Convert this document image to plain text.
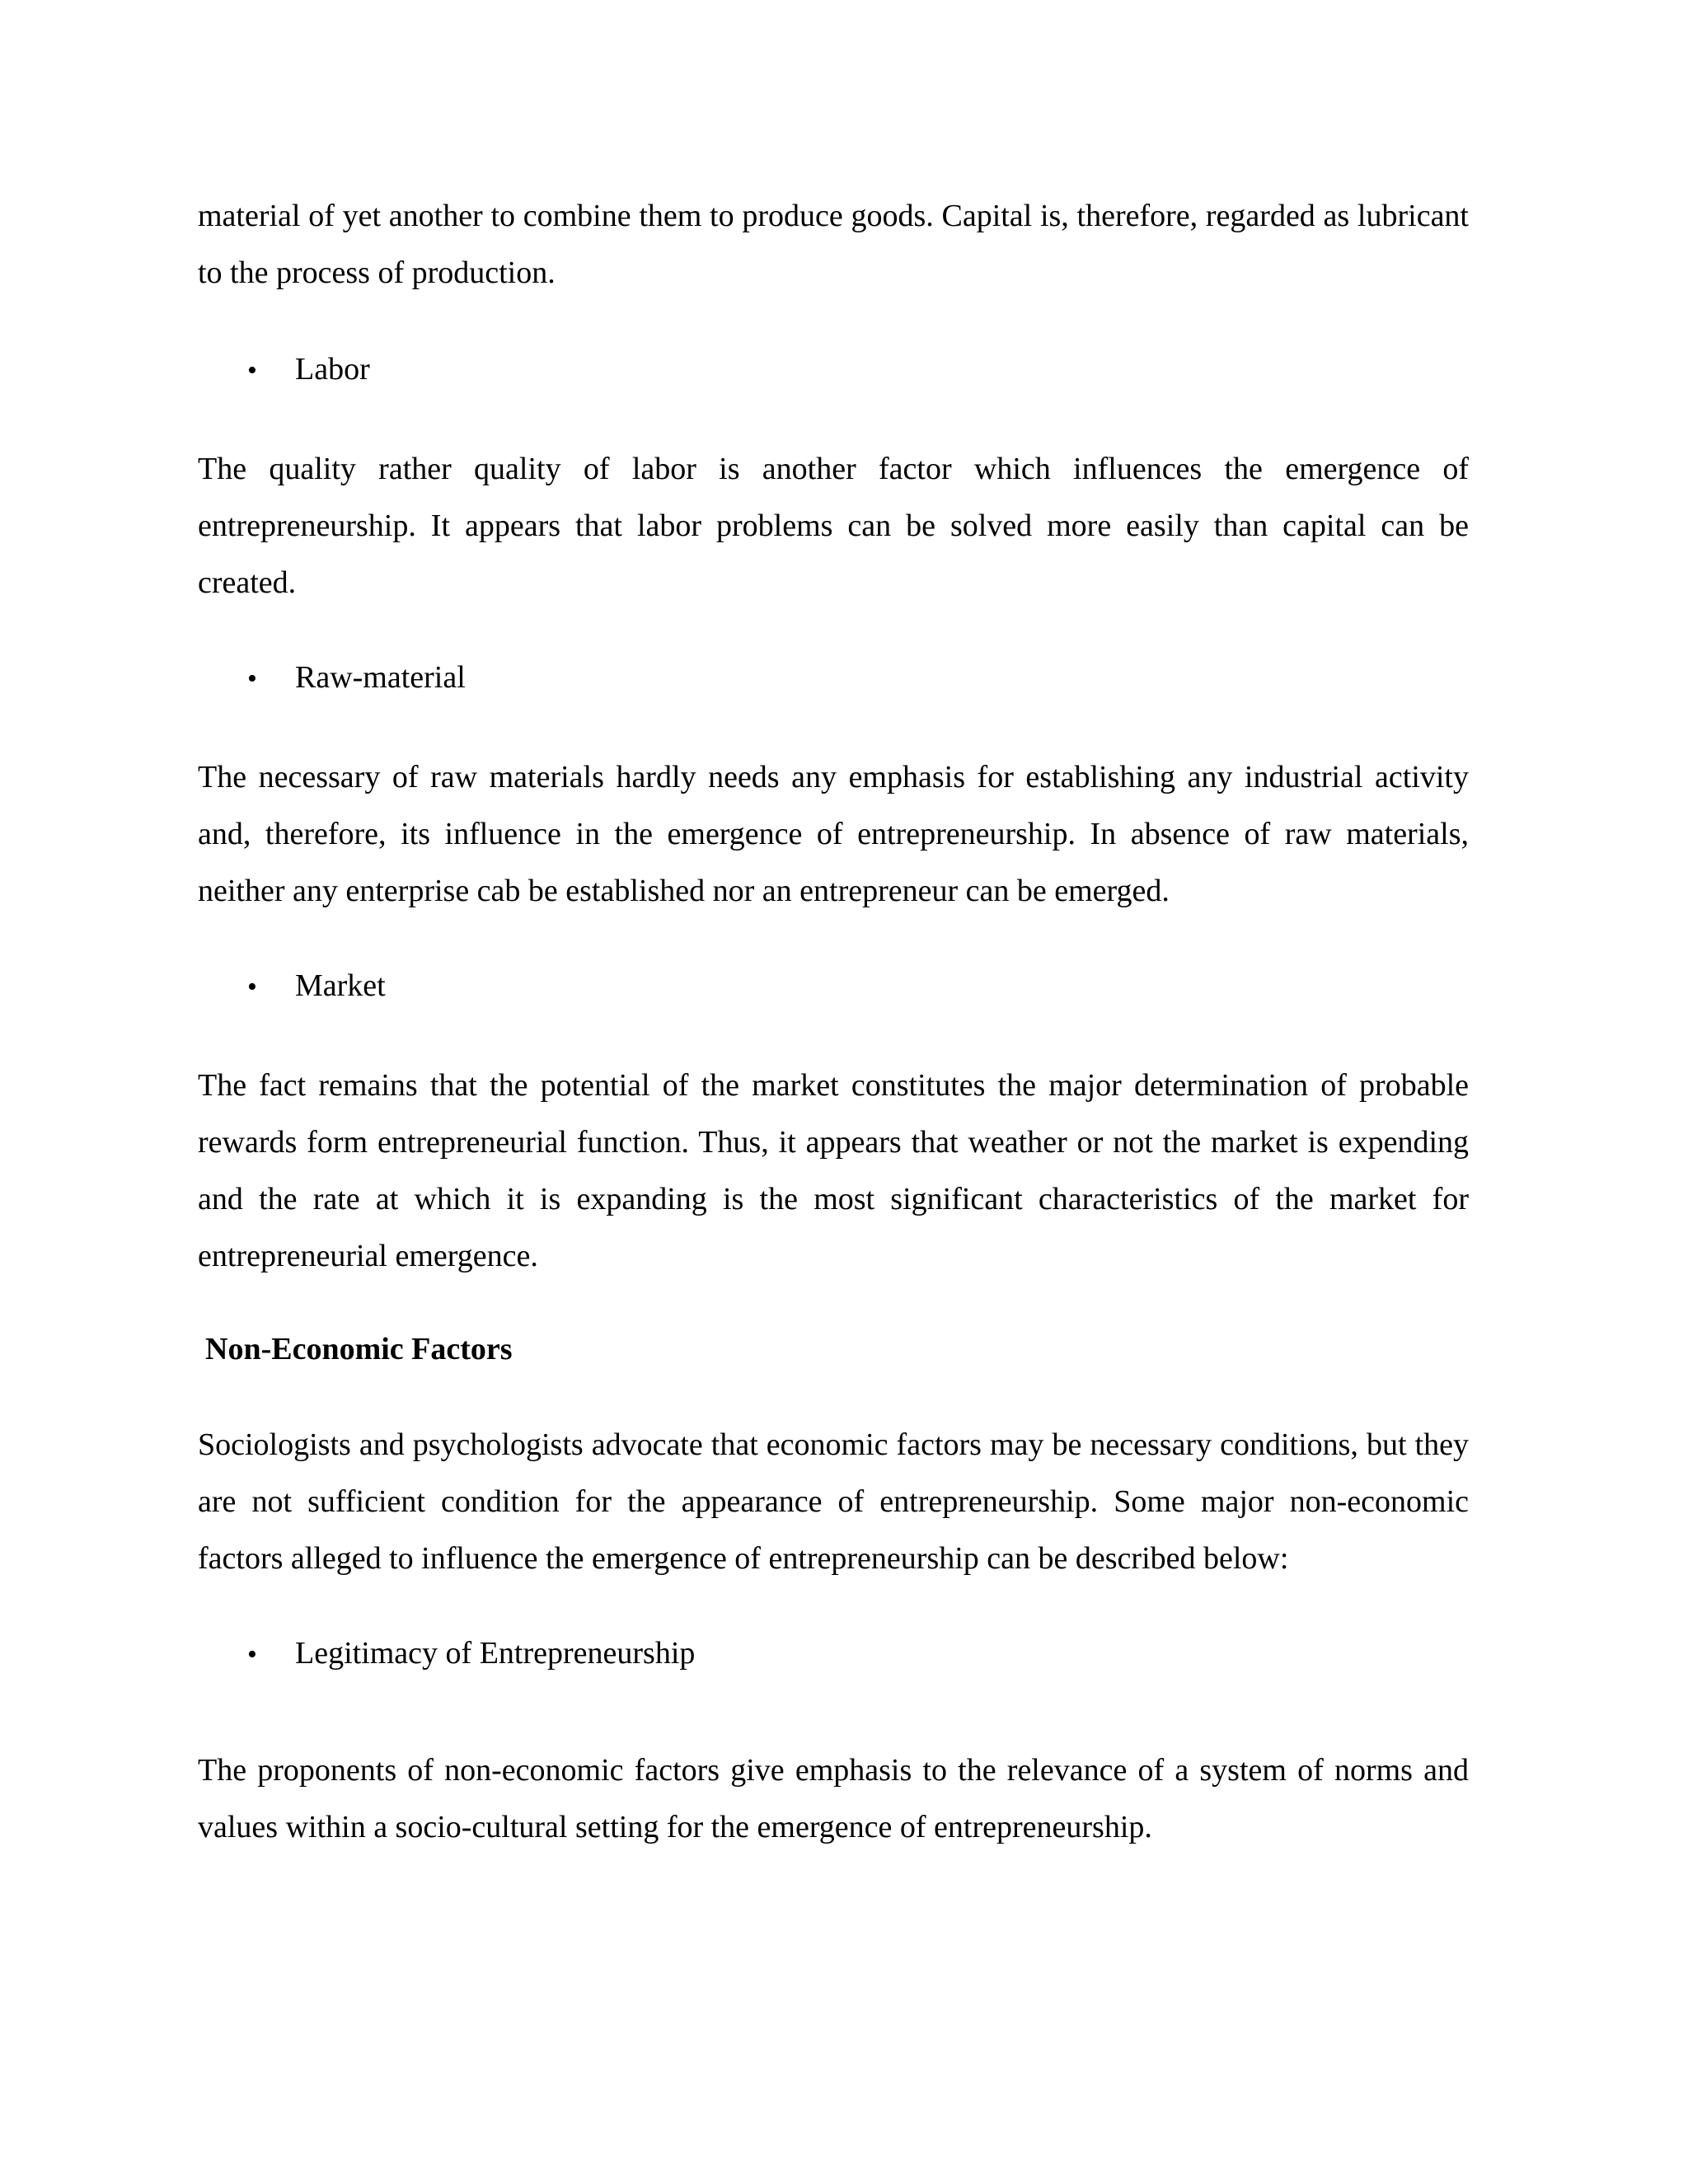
material of yet another to combine them to produce goods. Capital is, therefore, regarded as lubricant to the process of production.

• Labor

The quality rather quality of labor is another factor which influences the emergence of entrepreneurship. It appears that labor problems can be solved more easily than capital can be created.

• Raw-material

The necessary of raw materials hardly needs any emphasis for establishing any industrial activity and, therefore, its influence in the emergence of entrepreneurship. In absence of raw materials, neither any enterprise cab be established nor an entrepreneur can be emerged.

• Market

The fact remains that the potential of the market constitutes the major determination of probable rewards form entrepreneurial function. Thus, it appears that weather or not the market is expending and the rate at which it is expanding is the most significant characteristics of the market for entrepreneurial emergence.

Non-Economic Factors

Sociologists and psychologists advocate that economic factors may be necessary conditions, but they are not sufficient condition for the appearance of entrepreneurship. Some major non-economic factors alleged to influence the emergence of entrepreneurship can be described below:

• Legitimacy of Entrepreneurship

The proponents of non-economic factors give emphasis to the relevance of a system of norms and values within a socio-cultural setting for the emergence of entrepreneurship.
